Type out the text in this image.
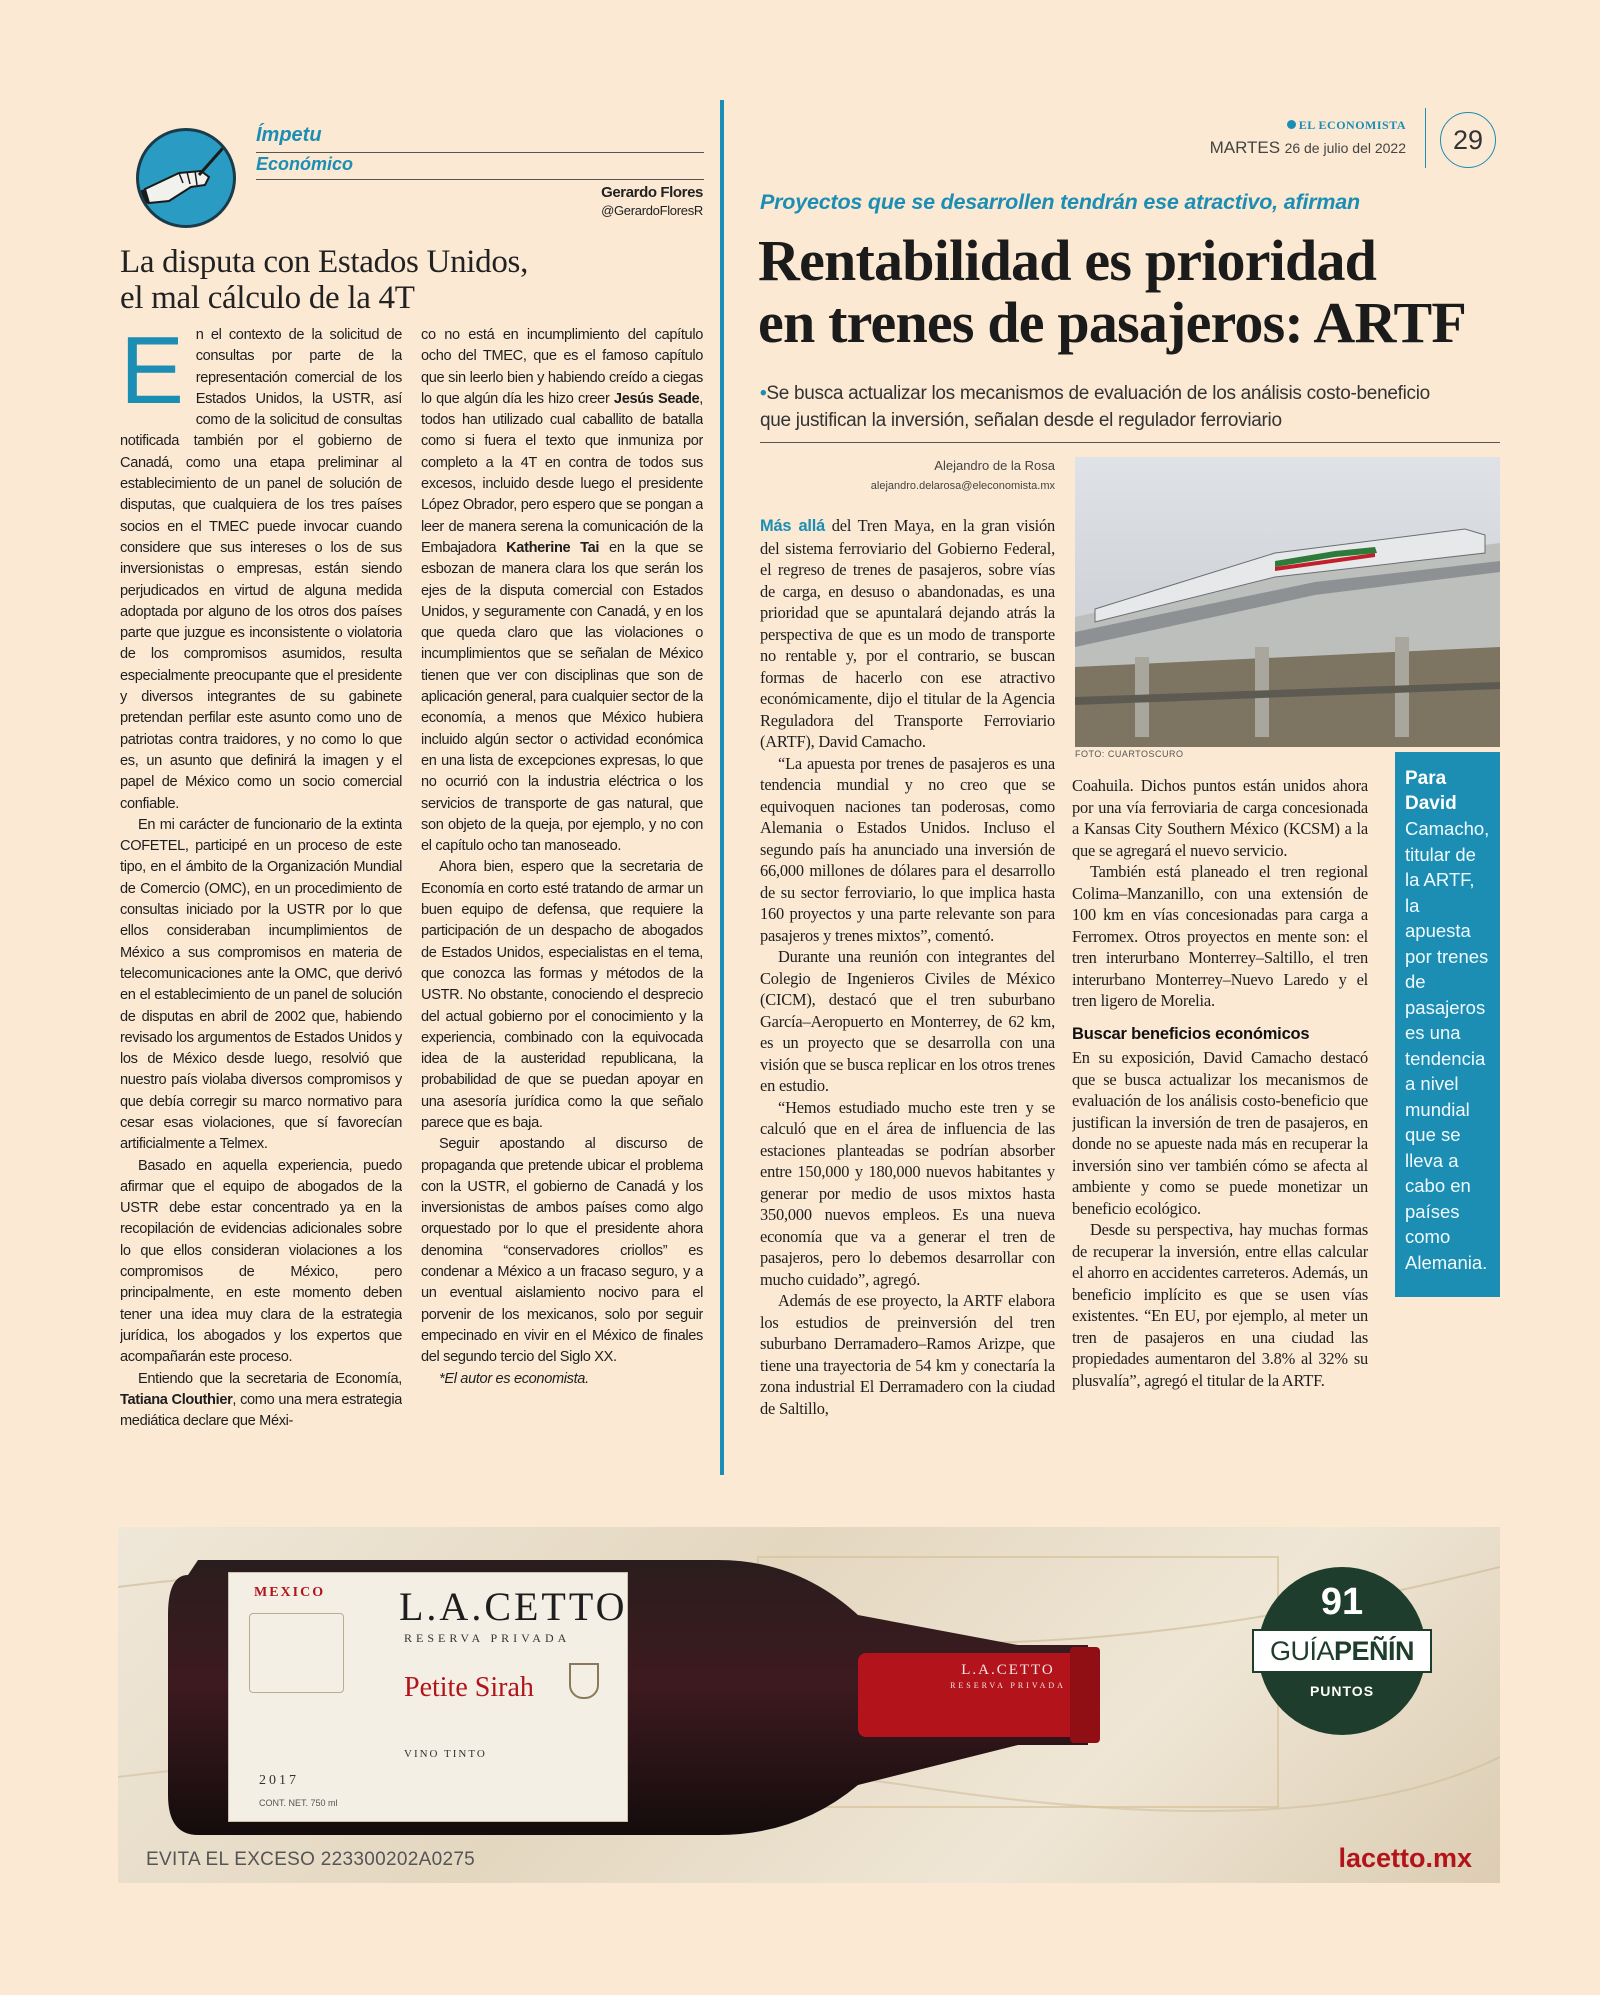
Ímpetu
Económico
Gerardo Flores
@GerardoFloresR
La disputa con Estados Unidos,
el mal cálculo de la 4T

En el contexto de la solicitud de consultas por parte de la representación comercial de los Estados Unidos, la USTR, así como de la solicitud de consultas notificada también por el gobierno de Canadá, como una etapa preliminar al establecimiento de un panel de solución de disputas, que cualquiera de los tres países socios en el TMEC puede invocar cuando considere que sus intereses o los de sus inversionistas o empresas, están siendo perjudicados en virtud de alguna medida adoptada por alguno de los otros dos países parte que juzgue es inconsistente o violatoria de los compromisos asumidos, resulta especialmente preocupante que el presidente y diversos integrantes de su gabinete pretendan perfilar este asunto como uno de patriotas contra traidores, y no como lo que es, un asunto que definirá la imagen y el papel de México como un socio comercial confiable.

En mi carácter de funcionario de la extinta COFETEL, participé en un proceso de este tipo, en el ámbito de la Organización Mundial de Comercio (OMC), en un procedimiento de consultas iniciado por la USTR por lo que ellos consideraban incumplimientos de México a sus compromisos en materia de telecomunicaciones ante la OMC, que derivó en el establecimiento de un panel de solución de disputas en abril de 2002 que, habiendo revisado los argumentos de Estados Unidos y los de México desde luego, resolvió que nuestro país violaba diversos compromisos y que debía corregir su marco normativo para cesar esas violaciones, que sí favorecían artificialmente a Telmex.

Basado en aquella experiencia, puedo afirmar que el equipo de abogados de la USTR debe estar concentrado ya en la recopilación de evidencias adicionales sobre lo que ellos consideran violaciones a los compromisos de México, pero principalmente, en este momento deben tener una idea muy clara de la estrategia jurídica, los abogados y los expertos que acompañarán este proceso.

Entiendo que la secretaria de Economía, Tatiana Clouthier, como una mera estrategia mediática declare que Méxi-

co no está en incumplimiento del capítulo ocho del TMEC, que es el famoso capítulo que sin leerlo bien y habiendo creído a ciegas lo que algún día les hizo creer Jesús Seade, todos han utilizado cual caballito de batalla como si fuera el texto que inmuniza por completo a la 4T en contra de todos sus excesos, incluido desde luego el presidente López Obrador, pero espero que se pongan a leer de manera serena la comunicación de la Embajadora Katherine Tai en la que se esbozan de manera clara los que serán los ejes de la disputa comercial con Estados Unidos, y seguramente con Canadá, y en los que queda claro que las violaciones o incumplimientos que se señalan de México tienen que ver con disciplinas que son de aplicación general, para cualquier sector de la economía, a menos que México hubiera incluido algún sector o actividad económica en una lista de excepciones expresas, lo que no ocurrió con la industria eléctrica o los servicios de transporte de gas natural, que son objeto de la queja, por ejemplo, y no con el capítulo ocho tan manoseado.

Ahora bien, espero que la secretaria de Economía en corto esté tratando de armar un buen equipo de defensa, que requiere la participación de un despacho de abogados de Estados Unidos, especialistas en el tema, que conozca las formas y métodos de la USTR. No obstante, conociendo el desprecio del actual gobierno por el conocimiento y la experiencia, combinado con la equivocada idea de la austeridad republicana, la probabilidad de que se puedan apoyar en una asesoría jurídica como la que señalo parece que es baja.

Seguir apostando al discurso de propaganda que pretende ubicar el problema con la USTR, el gobierno de Canadá y los inversionistas de ambos países como algo orquestado por lo que el presidente ahora denomina “conservadores criollos” es condenar a México a un fracaso seguro, y a un eventual aislamiento nocivo para el porvenir de los mexicanos, solo por seguir empecinado en vivir en el México de finales del segundo tercio del Siglo XX.

*El autor es economista.

EL ECONOMISTA
MARTES 26 de julio del 2022	29
Proyectos que se desarrollen tendrán ese atractivo, afirman
Rentabilidad es prioridad
en trenes de pasajeros: ARTF
•Se busca actualizar los mecanismos de evaluación de los análisis costo-beneficio que justifican la inversión, señalan desde el regulador ferroviario
Alejandro de la Rosa
alejandro.delarosa@eleconomista.mx
FOTO: CUARTOSCURO

Más allá del Tren Maya, en la gran visión del sistema ferroviario del Gobierno Federal, el regreso de trenes de pasajeros, sobre vías de carga, en desuso o abandonadas, es una prioridad que se apuntalará dejando atrás la perspectiva de que es un modo de transporte no rentable y, por el contrario, se buscan formas de hacerlo con ese atractivo económicamente, dijo el titular de la Agencia Reguladora del Transporte Ferroviario (ARTF), David Camacho.

“La apuesta por trenes de pasajeros es una tendencia mundial y no creo que se equivoquen naciones tan poderosas, como Alemania o Estados Unidos. Incluso el segundo país ha anunciado una inversión de 66,000 millones de dólares para el desarrollo de su sector ferroviario, lo que implica hasta 160 proyectos y una parte relevante son para pasajeros y trenes mixtos”, comentó.

Durante una reunión con integrantes del Colegio de Ingenieros Civiles de México (CICM), destacó que el tren suburbano García–Aeropuerto en Monterrey, de 62 km, es un proyecto que se desarrolla con una visión que se busca replicar en los otros trenes en estudio.

“Hemos estudiado mucho este tren y se calculó que en el área de influencia de las estaciones planteadas se podrían absorber entre 150,000 y 180,000 nuevos habitantes y generar por medio de usos mixtos hasta 350,000 nuevos empleos. Es una nueva economía que va a generar el tren de pasajeros, pero lo debemos desarrollar con mucho cuidado”, agregó.

Además de ese proyecto, la ARTF elabora los estudios de preinversión del tren suburbano Derramadero–Ramos Arizpe, que tiene una trayectoria de 54 km y conectaría la zona industrial El Derramadero con la ciudad de Saltillo,

Coahuila. Dichos puntos están unidos ahora por una vía ferroviaria de carga concesionada a Kansas City Southern México (KCSM) a la que se agregará el nuevo servicio.

También está planeado el tren regional Colima–Manzanillo, con una extensión de 100 km en vías concesionadas para carga a Ferromex. Otros proyectos en mente son: el tren interurbano Monterrey–Saltillo, el tren interurbano Monterrey–Nuevo Laredo y el tren ligero de Morelia.

Buscar beneficios económicos

En su exposición, David Camacho destacó que se busca actualizar los mecanismos de evaluación de los análisis costo-beneficio que justifican la inversión de tren de pasajeros, en donde no se apueste nada más en recuperar la inversión sino ver también cómo se afecta al ambiente y como se puede monetizar un beneficio ecológico.

Desde su perspectiva, hay muchas formas de recuperar la inversión, entre ellas calcular el ahorro en accidentes carreteros. Además, un beneficio implícito es que se usen vías existentes. “En EU, por ejemplo, al meter un tren de pasajeros en una ciudad las propiedades aumentaron del 3.8% al 32% su plusvalía”, agregó el titular de la ARTF.

Para David
Camacho, titular de la ARTF, la apuesta por trenes de pasajeros es una tendencia a nivel mundial que se lleva a cabo en países como Alemania.
MEXICO L.A.CETTO
RESERVA PRIVADA
Petite Sirah
VINO TINTO
2017
CONT. NET. 750 ml
L.A.CETTO
RESERVA PRIVADA
91
GUÍAPEÑÍN
PUNTOS
EVITA EL EXCESO 223300202A0275	lacetto.mx
